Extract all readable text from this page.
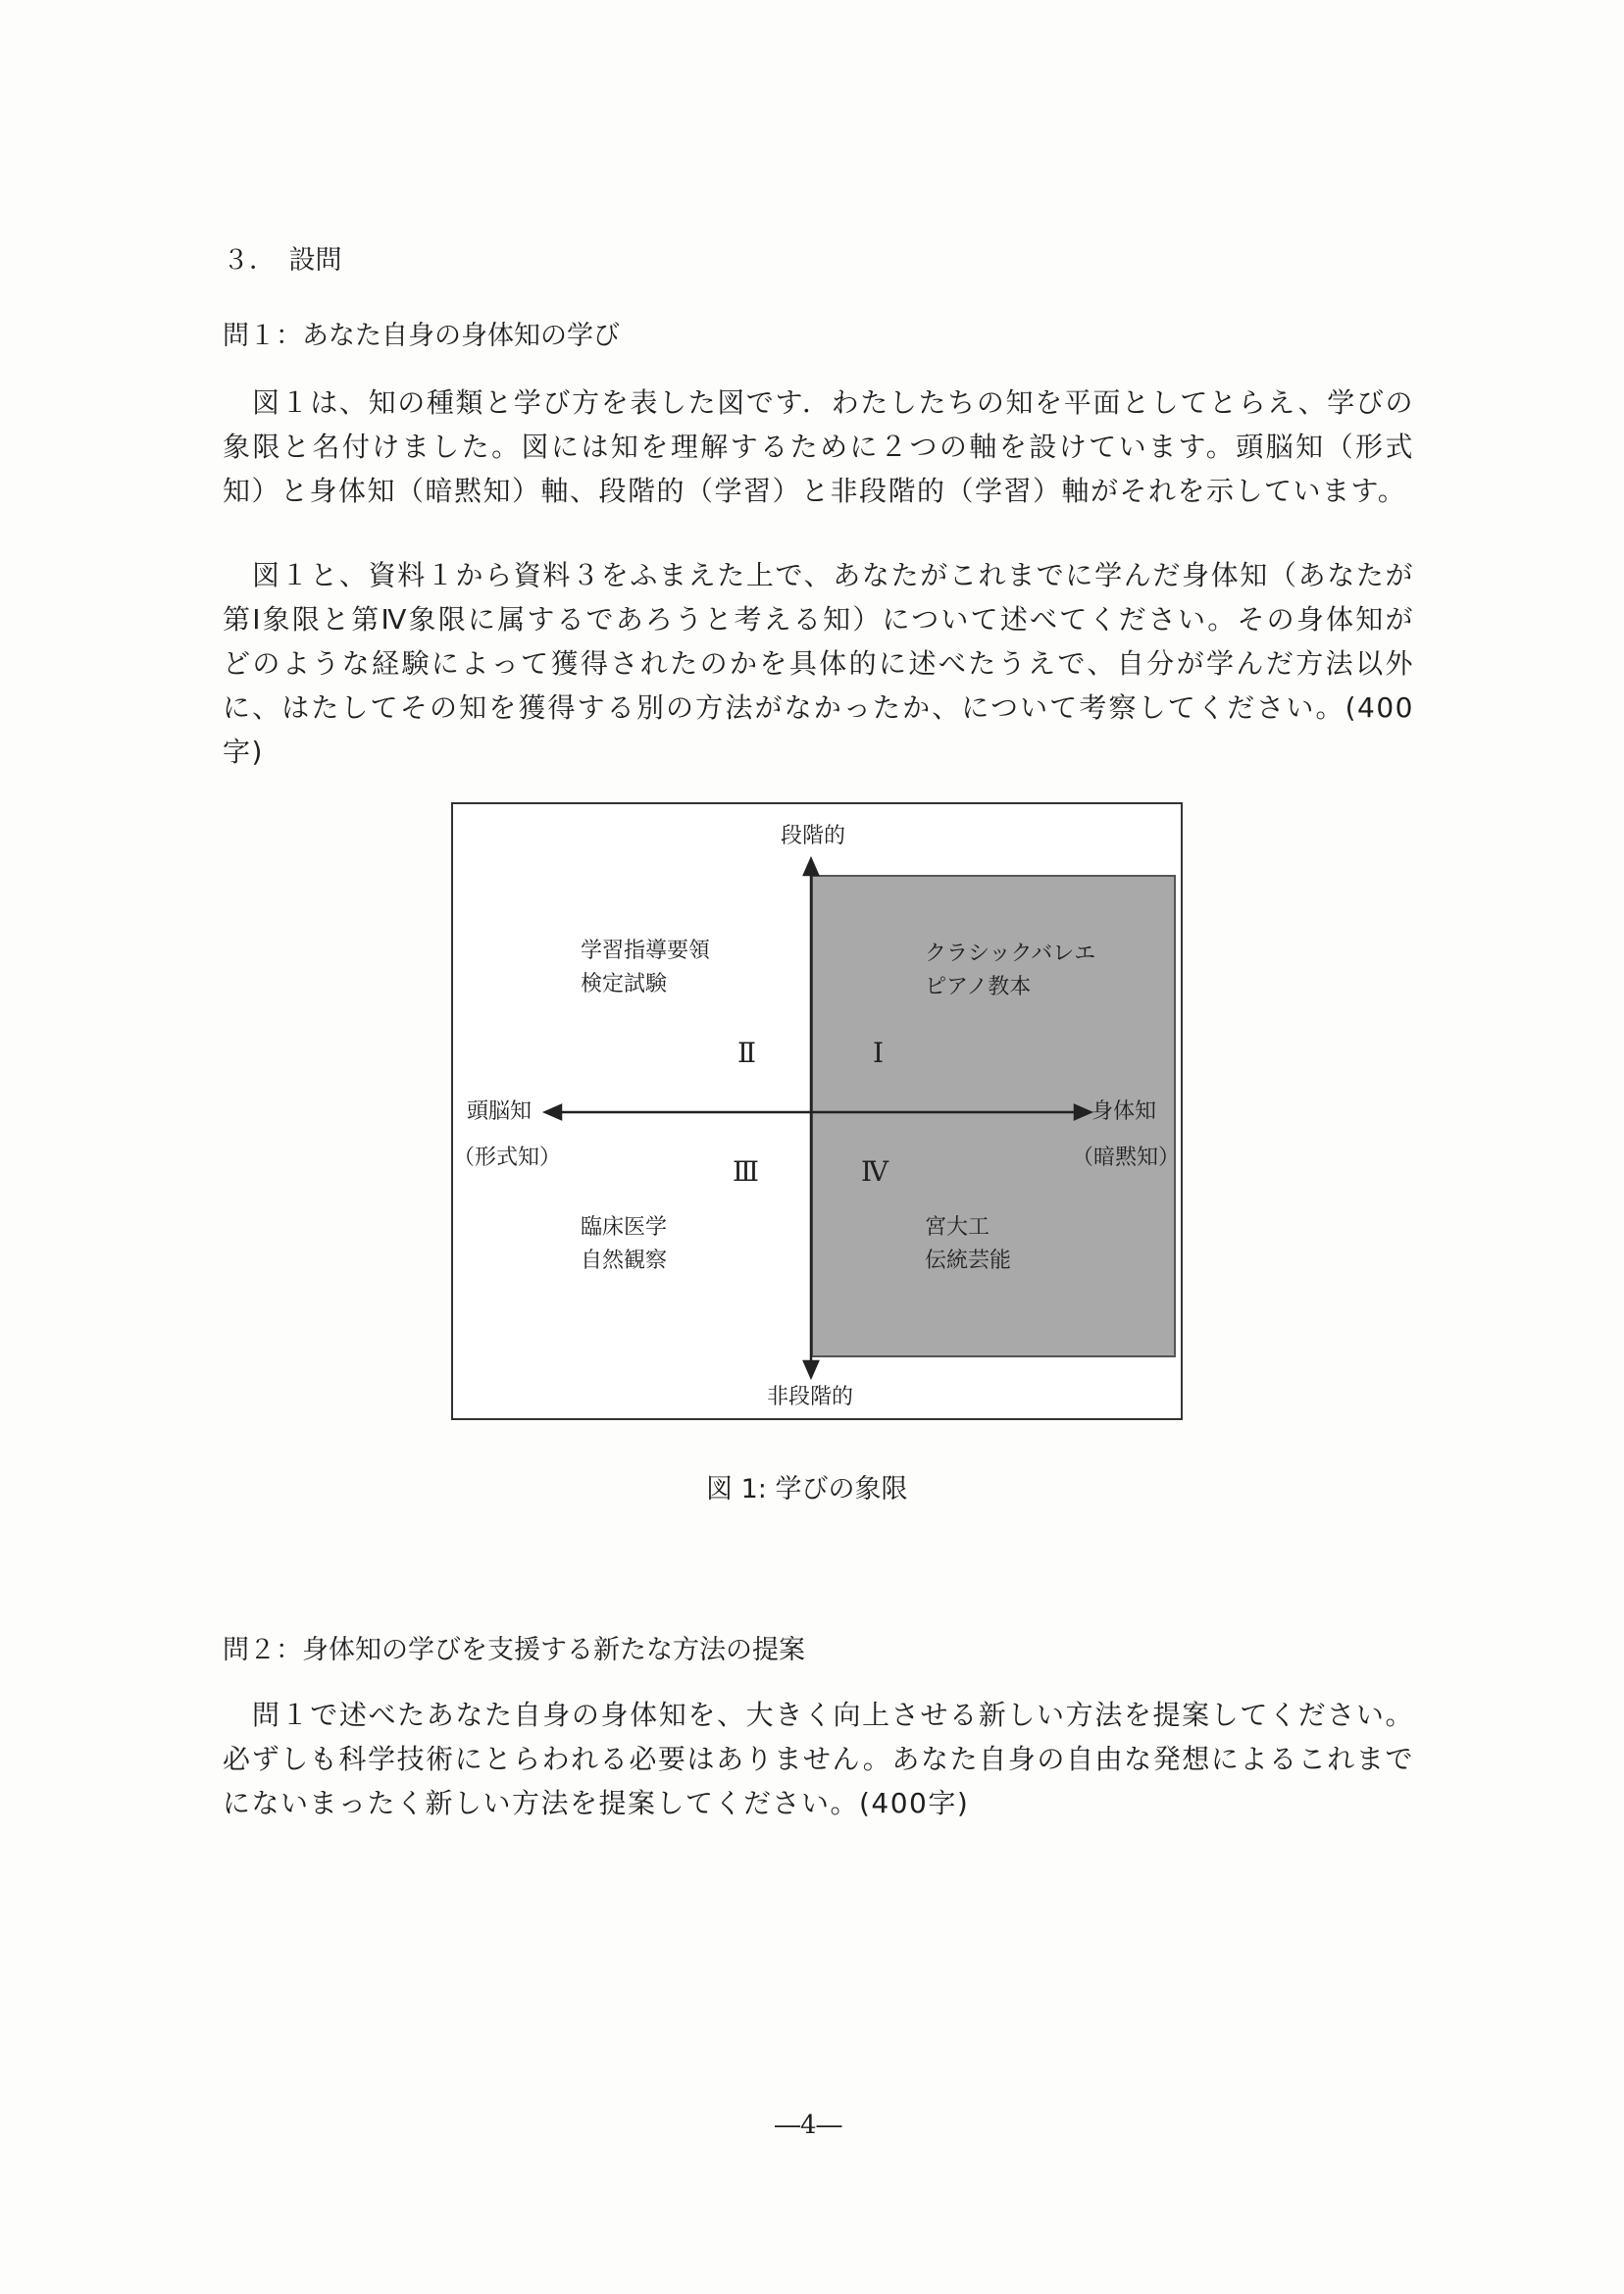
３．　設問
問１：あなた自身の身体知の学び

図１は、知の種類と学び方を表した図です．わたしたちの知を平面としてとらえ、学びの象限と名付けました。図には知を理解するために２つの軸を設けています。頭脳知（形式知）と身体知（暗黙知）軸、段階的（学習）と非段階的（学習）軸がそれを示しています。

図１と、資料１から資料３をふまえた上で、あなたがこれまでに学んだ身体知（あなたが第Ⅰ象限と第Ⅳ象限に属するであろうと考える知）について述べてください。その身体知がどのような経験によって獲得されたのかを具体的に述べたうえで、自分が学んだ方法以外に、はたしてその知を獲得する別の方法がなかったか、について考察してください。(400字)

段階的
非段階的
頭脳知
（形式知）
身体知
（暗黙知）
Ⅱ	Ⅰ
Ⅲ	Ⅳ
学習指導要領
検定試験
クラシックバレエ
ピアノ教本
臨床医学
自然観察
宮大工
伝統芸能
図 1: 学びの象限
問２：身体知の学びを支援する新たな方法の提案

問１で述べたあなた自身の身体知を、大きく向上させる新しい方法を提案してください。必ずしも科学技術にとらわれる必要はありません。あなた自身の自由な発想によるこれまでにないまったく新しい方法を提案してください。(400字)

―4―
